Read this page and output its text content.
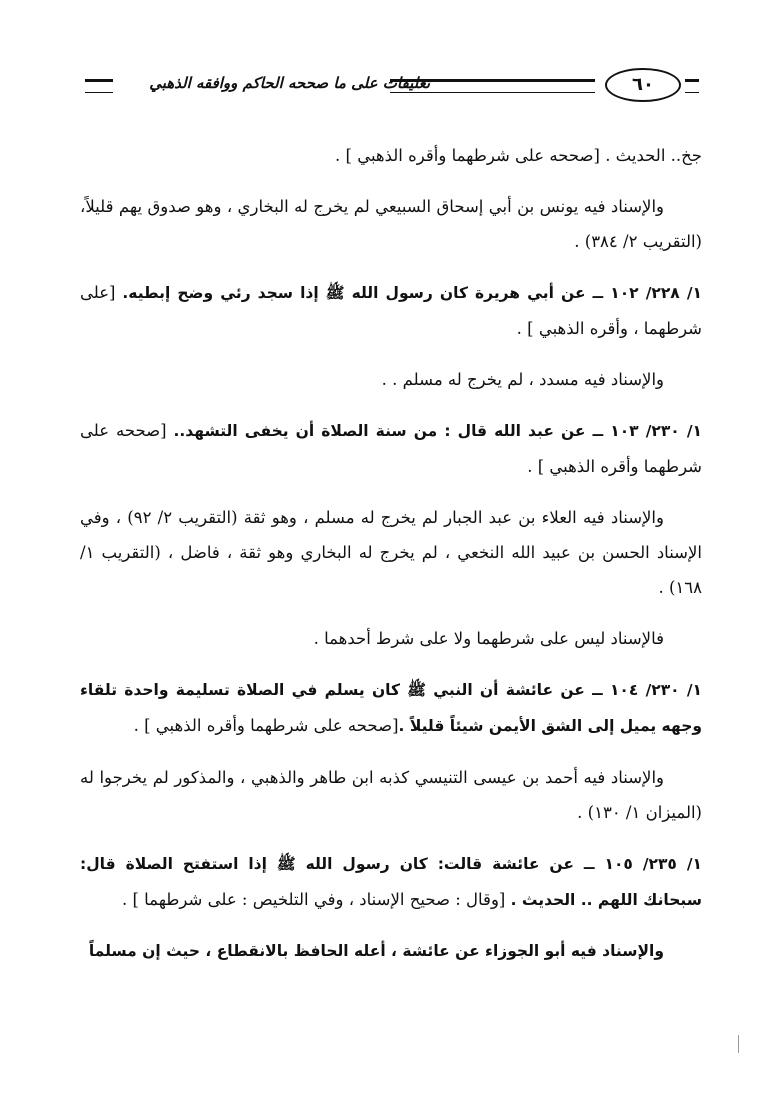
تعليقات على ما صححه الحاكم ووافقه الذهبي	٦٠

جخ.. الحديث . [صححه على شرطهما وأقره الذهبي ] .

والإسناد فيه يونس بن أبي إسحاق السبيعي لم يخرج له البخاري ، وهو صدوق يهم قليلاً، (التقريب ٢/ ٣٨٤) .

١/ ٢٢٨/ ١٠٢ ــ عن أبي هريرة كان رسول الله ﷺ إذا سجد رئي وضح إبطيه. [على شرطهما ، وأقره الذهبي ] .

والإسناد فيه مسدد ، لم يخرج له مسلم . .

١/ ٢٣٠/ ١٠٣ ــ عن عبد الله قال : من سنة الصلاة أن يخفى التشهد.. [صححه على شرطهما وأقره الذهبي ] .

والإسناد فيه العلاء بن عبد الجبار لم يخرج له مسلم ، وهو ثقة (التقريب ٢/ ٩٢) ، وفي الإسناد الحسن بن عبيد الله النخعي ، لم يخرج له البخاري وهو ثقة ، فاضل ، (التقريب ١/ ١٦٨) .

فالإسناد ليس على شرطهما ولا على شرط أحدهما .

١/ ٢٣٠/ ١٠٤ ــ عن عائشة أن النبي ﷺ كان يسلم في الصلاة تسليمة واحدة تلقاء وجهه يميل إلى الشق الأيمن شيئاً قليلاً .[صححه على شرطهما وأقره الذهبي ] .

والإسناد فيه أحمد بن عيسى التنيسي كذبه ابن طاهر والذهبي ، والمذكور لم يخرجوا له (الميزان ١/ ١٣٠) .

١/ ٢٣٥/ ١٠٥ ــ عن عائشة قالت: كان رسول الله ﷺ إذا استفتح الصلاة قال: سبحانك اللهم .. الحديث . [وقال : صحيح الإسناد ، وفي التلخيص : على شرطهما ] .

والإسناد فيه أبو الجوزاء عن عائشة ، أعله الحافظ بالانقطاع ، حيث إن مسلماً
